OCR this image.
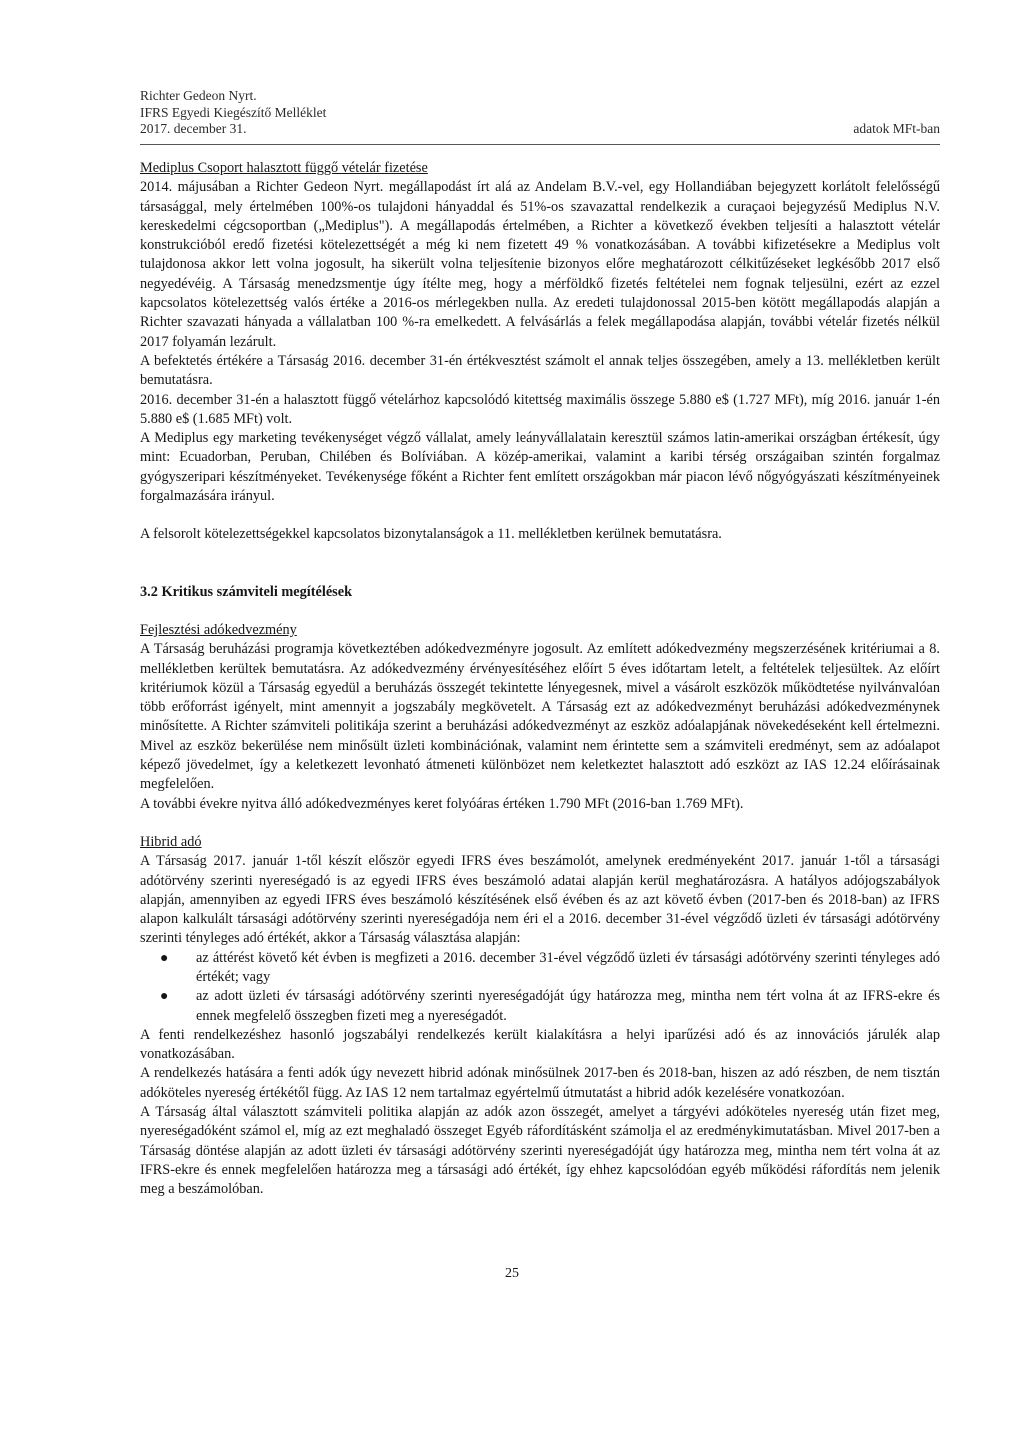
Richter Gedeon Nyrt.
IFRS Egyedi Kiegészítő Melléklet
2017. december 31.	adatok MFt-ban
Mediplus Csoport halasztott függő vételár fizetése

2014. májusában a Richter Gedeon Nyrt. megállapodást írt alá az Andelam B.V.-vel, egy Hollandiában bejegyzett korlátolt felelősségű társasággal, mely értelmében 100%-os tulajdoni hányaddal és 51%-os szavazattal rendelkezik a curaçaoi bejegyzésű Mediplus N.V. kereskedelmi cégcsoportban („Mediplus"). A megállapodás értelmében, a Richter a következő években teljesíti a halasztott vételár konstrukcióból eredő fizetési kötelezettségét a még ki nem fizetett 49 % vonatkozásában. A további kifizetésekre a Mediplus volt tulajdonosa akkor lett volna jogosult, ha sikerült volna teljesítenie bizonyos előre meghatározott célkitűzéseket legkésőbb 2017 első negyedévéig. A Társaság menedzsmentje úgy ítélte meg, hogy a mérföldkő fizetés feltételei nem fognak teljesülni, ezért az ezzel kapcsolatos kötelezettség valós értéke a 2016-os mérlegekben nulla. Az eredeti tulajdonossal 2015-ben kötött megállapodás alapján a Richter szavazati hányada a vállalatban 100 %-ra emelkedett. A felvásárlás a felek megállapodása alapján, további vételár fizetés nélkül 2017 folyamán lezárult.

A befektetés értékére a Társaság 2016. december 31-én értékvesztést számolt el annak teljes összegében, amely a 13. mellékletben került bemutatásra.

2016. december 31-én a halasztott függő vételárhoz kapcsolódó kitettség maximális összege 5.880 e$ (1.727 MFt), míg 2016. január 1-én 5.880 e$ (1.685 MFt) volt.

A Mediplus egy marketing tevékenységet végző vállalat, amely leányvállalatain keresztül számos latin-amerikai országban értékesít, úgy mint: Ecuadorban, Peruban, Chilében és Bolíviában. A közép-amerikai, valamint a karibi térség országaiban szintén forgalmaz gyógyszeripari készítményeket. Tevékenysége főként a Richter fent említett országokban már piacon lévő nőgyógyászati készítményeinek forgalmazására irányul.

A felsorolt kötelezettségekkel kapcsolatos bizonytalanságok a 11. mellékletben kerülnek bemutatásra.

3.2 Kritikus számviteli megítélések

Fejlesztési adókedvezmény

A Társaság beruházási programja következtében adókedvezményre jogosult. Az említett adókedvezmény megszerzésének kritériumai a 8. mellékletben kerültek bemutatásra. Az adókedvezmény érvényesítéséhez előírt 5 éves időtartam letelt, a feltételek teljesültek. Az előírt kritériumok közül a Társaság egyedül a beruházás összegét tekintette lényegesnek, mivel a vásárolt eszközök működtetése nyilvánvalóan több erőforrást igényelt, mint amennyit a jogszabály megkövetelt. A Társaság ezt az adókedvezményt beruházási adókedvezménynek minősítette. A Richter számviteli politikája szerint a beruházási adókedvezményt az eszköz adóalapjának növekedéseként kell értelmezni. Mivel az eszköz bekerülése nem minősült üzleti kombinációnak, valamint nem érintette sem a számviteli eredményt, sem az adóalapot képező jövedelmet, így a keletkezett levonható átmeneti különbözet nem keletkeztet halasztott adó eszközt az IAS 12.24 előírásainak megfelelően.

A további évekre nyitva álló adókedvezményes keret folyóáras értéken 1.790 MFt (2016-ban 1.769 MFt).

Hibrid adó

A Társaság 2017. január 1-től készít először egyedi IFRS éves beszámolót, amelynek eredményeként 2017. január 1-től a társasági adótörvény szerinti nyereségadó is az egyedi IFRS éves beszámoló adatai alapján kerül meghatározásra. A hatályos adójogszabályok alapján, amennyiben az egyedi IFRS éves beszámoló készítésének első évében és az azt követő évben (2017-ben és 2018-ban) az IFRS alapon kalkulált társasági adótörvény szerinti nyereségadója nem éri el a 2016. december 31-ével végződő üzleti év társasági adótörvény szerinti tényleges adó értékét, akkor a Társaság választása alapján:

● az áttérést követő két évben is megfizeti a 2016. december 31-ével végződő üzleti év társasági adótörvény szerinti tényleges adó értékét; vagy
● az adott üzleti év társasági adótörvény szerinti nyereségadóját úgy határozza meg, mintha nem tért volna át az IFRS-ekre és ennek megfelelő összegben fizeti meg a nyereségadót.

A fenti rendelkezéshez hasonló jogszabályi rendelkezés került kialakításra a helyi iparűzési adó és az innovációs járulék alap vonatkozásában.

A rendelkezés hatására a fenti adók úgy nevezett hibrid adónak minősülnek 2017-ben és 2018-ban, hiszen az adó részben, de nem tisztán adóköteles nyereség értékétől függ. Az IAS 12 nem tartalmaz egyértelmű útmutatást a hibrid adók kezelésére vonatkozóan.

A Társaság által választott számviteli politika alapján az adók azon összegét, amelyet a tárgyévi adóköteles nyereség után fizet meg, nyereségadóként számol el, míg az ezt meghaladó összeget Egyéb ráfordításként számolja el az eredménykimutatásban. Mivel 2017-ben a Társaság döntése alapján az adott üzleti év társasági adótörvény szerinti nyereségadóját úgy határozza meg, mintha nem tért volna át az IFRS-ekre és ennek megfelelően határozza meg a társasági adó értékét, így ehhez kapcsolódóan egyéb működési ráfordítás nem jelenik meg a beszámolóban.

25
